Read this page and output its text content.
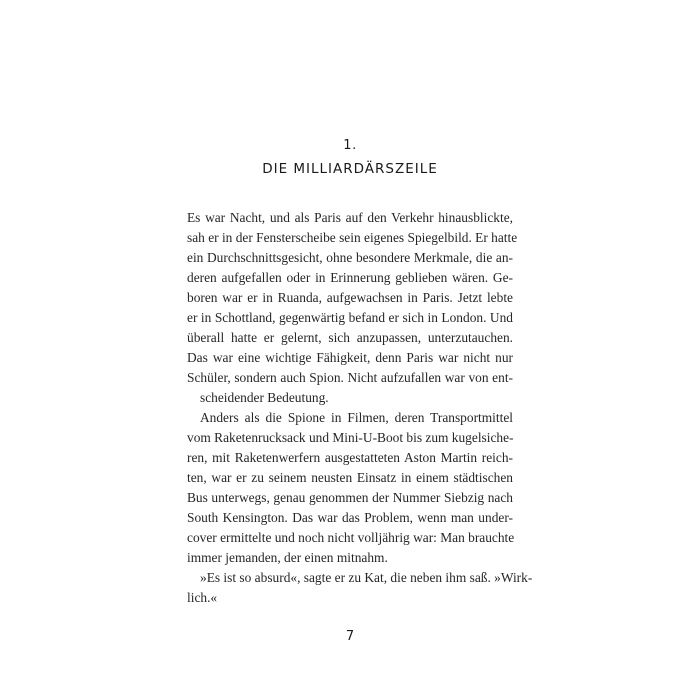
1.
DIE MILLIARDÄRSZEILE
Es war Nacht, und als Paris auf den Verkehr hinausblickte,
sah er in der Fensterscheibe sein eigenes Spiegelbild. Er hatte
ein Durchschnittsgesicht, ohne besondere Merkmale, die an-
deren aufgefallen oder in Erinnerung geblieben wären. Ge-
boren war er in Ruanda, aufgewachsen in Paris. Jetzt lebte
er in Schottland, gegenwärtig befand er sich in London. Und
überall hatte er gelernt, sich anzupassen, unterzutauchen.
Das war eine wichtige Fähigkeit, denn Paris war nicht nur
Schüler, sondern auch Spion. Nicht aufzufallen war von ent-
scheidender Bedeutung.
Anders als die Spione in Filmen, deren Transportmittel
vom Raketenrucksack und Mini-U-Boot bis zum kugelsiche-
ren, mit Raketenwerfern ausgestatteten Aston Martin reich-
ten, war er zu seinem neusten Einsatz in einem städtischen
Bus unterwegs, genau genommen der Nummer Siebzig nach
South Kensington. Das war das Problem, wenn man under-
cover ermittelte und noch nicht volljährig war: Man brauchte
immer jemanden, der einen mitnahm.
»Es ist so absurd«, sagte er zu Kat, die neben ihm saß. »Wirk-
lich.«
7
